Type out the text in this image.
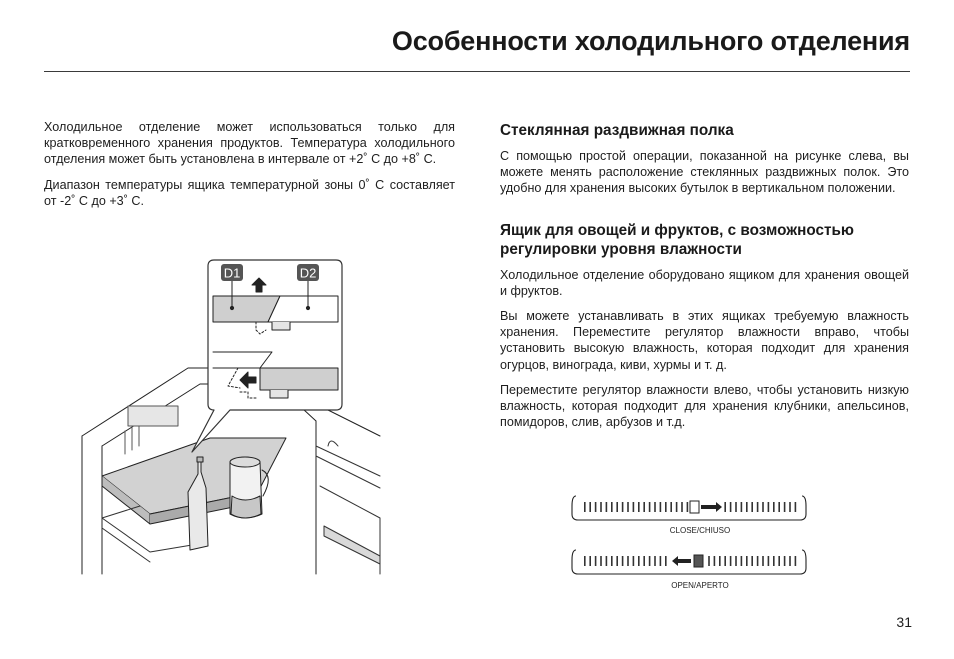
Особенности холодильного отделения

Холодильное отделение может использоваться только для кратковременного хранения продуктов. Температура холодильного отделения может быть установлена в интервале от +2˚ С до +8˚ С.

Диапазон температуры ящика температурной зоны 0˚ С составляет от -2˚ С до +3˚ С.

D1	D2
Стеклянная раздвижная полка

С помощью простой операции, показанной на рисунке слева, вы можете менять расположение стеклянных раздвижных полок. Это удобно для хранения высоких бутылок в вертикальном положении.

Ящик для овощей и фруктов, с возможностью регулировки уровня влажности

Холодильное отделение оборудовано ящиком для хранения овощей и фруктов.

Вы можете устанавливать в этих ящиках требуемую влажность хранения. Переместите регулятор влажности вправо, чтобы установить высокую влажность, которая подходит для хранения огурцов, винограда, киви, хурмы и т. д.

Переместите регулятор влажности влево, чтобы установить низкую влажность, которая подходит для хранения клубники, апельсинов, помидоров, слив, арбузов и т.д.

CLOSE/CHIUSO
OPEN/APERTO
31
